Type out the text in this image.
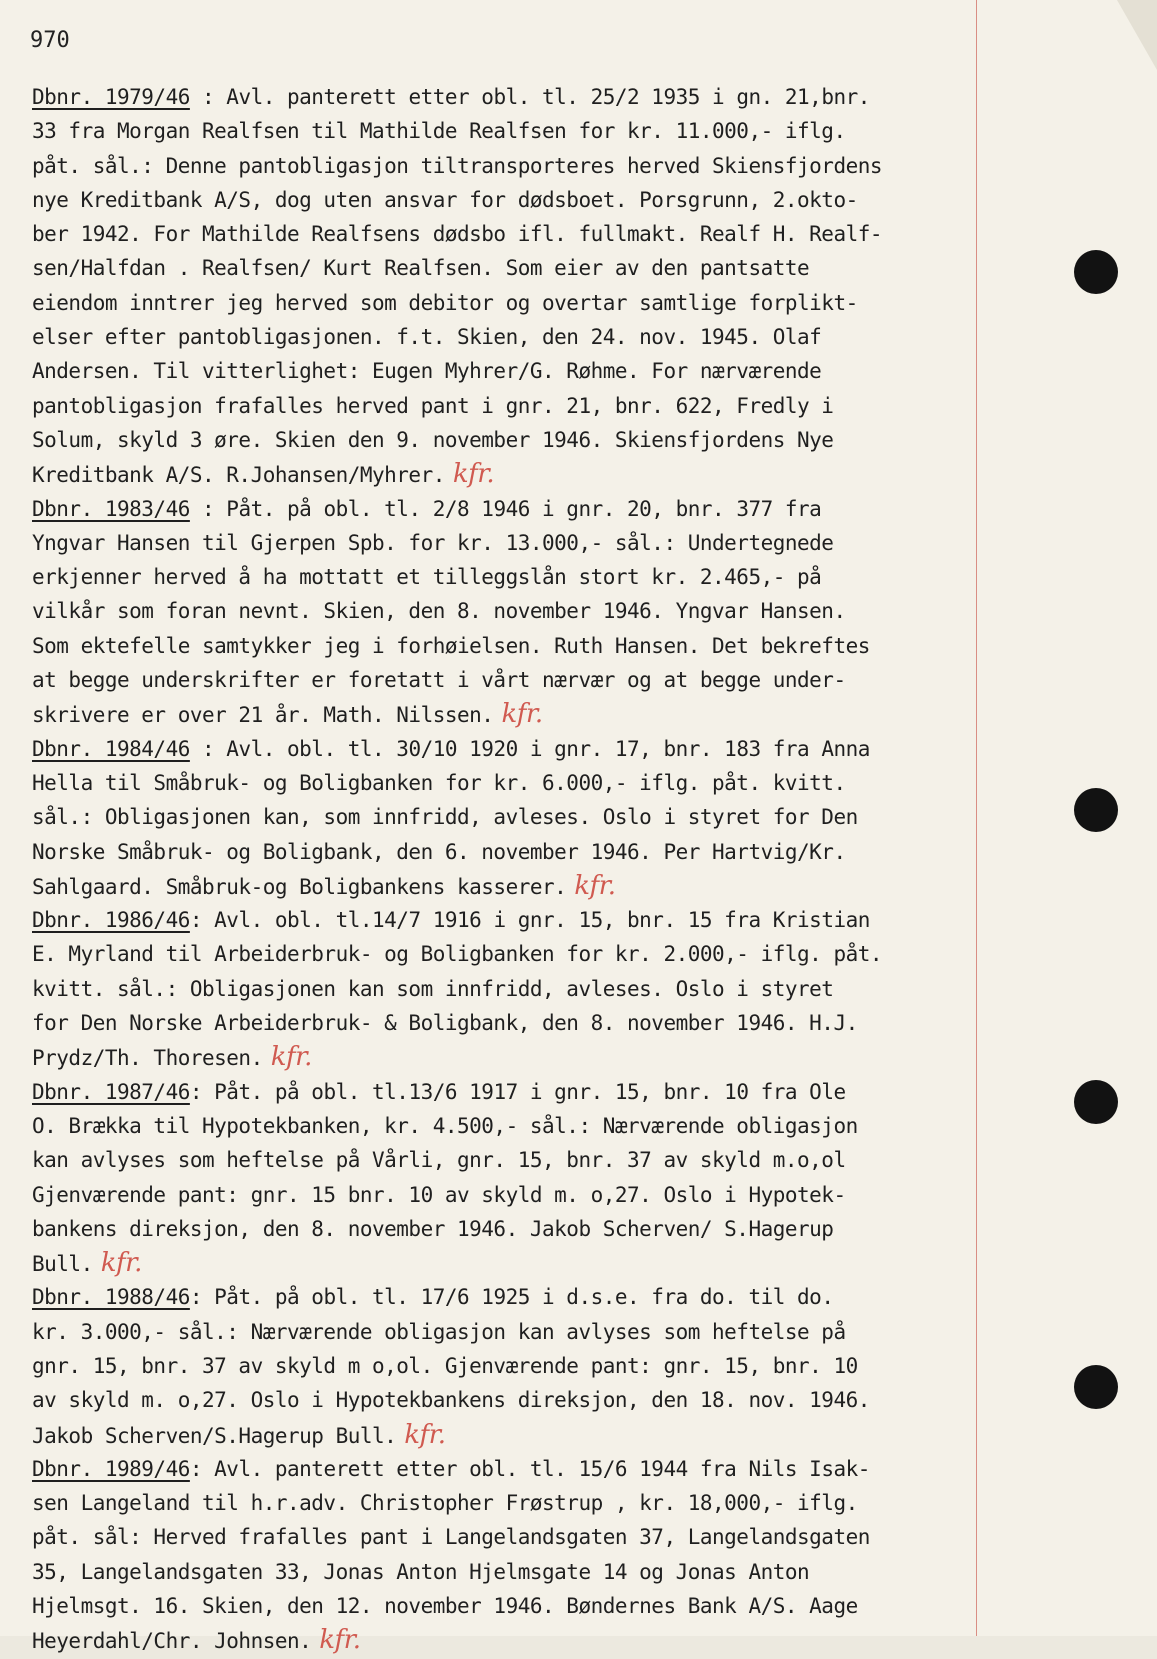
970
Dbnr. 1979/46 : Avl. panterett etter obl. tl. 25/2 1935 i gn. 21,bnr.
33 fra Morgan Realfsen til Mathilde Realfsen for kr. 11.000,- iflg.
påt. sål.: Denne pantobligasjon tiltransporteres herved Skiensfjordens
nye Kreditbank A/S, dog uten ansvar for dødsboet. Porsgrunn, 2.okto-
ber 1942. For Mathilde Realfsens dødsbo ifl. fullmakt. Realf H. Realf-
sen/Halfdan . Realfsen/ Kurt Realfsen. Som eier av den pantsatte
eiendom inntrer jeg herved som debitor og overtar samtlige forplikt-
elser efter pantobligasjonen. f.t. Skien, den 24. nov. 1945. Olaf
Andersen. Til vitterlighet: Eugen Myhrer/G. Røhme. For nærværende
pantobligasjon frafalles herved pant i gnr. 21, bnr. 622, Fredly i
Solum, skyld 3 øre. Skien den 9. november 1946. Skiensfjordens Nye
Kreditbank A/S. R.Johansen/Myhrer. kfr.
Dbnr. 1983/46 : Påt. på obl. tl. 2/8 1946 i gnr. 20, bnr. 377 fra
Yngvar Hansen til Gjerpen Spb. for kr. 13.000,- sål.: Undertegnede
erkjenner herved å ha mottatt et tilleggslån stort kr. 2.465,- på
vilkår som foran nevnt. Skien, den 8. november 1946. Yngvar Hansen.
Som ektefelle samtykker jeg i forhøielsen. Ruth Hansen. Det bekreftes
at begge underskrifter er foretatt i vårt nærvær og at begge under-
skrivere er over 21 år. Math. Nilssen. kfr.
Dbnr. 1984/46 : Avl. obl. tl. 30/10 1920 i gnr. 17, bnr. 183 fra Anna
Hella til Småbruk- og Boligbanken for kr. 6.000,- iflg. påt. kvitt.
sål.: Obligasjonen kan, som innfridd, avleses. Oslo i styret for Den
Norske Småbruk- og Boligbank, den 6. november 1946. Per Hartvig/Kr.
Sahlgaard. Småbruk-og Boligbankens kasserer. kfr.
Dbnr. 1986/46: Avl. obl. tl.14/7 1916 i gnr. 15, bnr. 15 fra Kristian
E. Myrland til Arbeiderbruk- og Boligbanken for kr. 2.000,- iflg. påt.
kvitt. sål.: Obligasjonen kan som innfridd, avleses. Oslo i styret
for Den Norske Arbeiderbruk- & Boligbank, den 8. november 1946. H.J.
Prydz/Th. Thoresen. kfr.
Dbnr. 1987/46: Påt. på obl. tl.13/6 1917 i gnr. 15, bnr. 10 fra Ole
O. Brækka til Hypotekbanken, kr. 4.500,- sål.: Nærværende obligasjon
kan avlyses som heftelse på Vårli, gnr. 15, bnr. 37 av skyld m.o,ol
Gjenværende pant: gnr. 15 bnr. 10 av skyld m. o,27. Oslo i Hypotek-
bankens direksjon, den 8. november 1946. Jakob Scherven/ S.Hagerup
Bull. kfr.
Dbnr. 1988/46: Påt. på obl. tl. 17/6 1925 i d.s.e. fra do. til do.
kr. 3.000,- sål.: Nærværende obligasjon kan avlyses som heftelse på
gnr. 15, bnr. 37 av skyld m o,ol. Gjenværende pant: gnr. 15, bnr. 10
av skyld m. o,27. Oslo i Hypotekbankens direksjon, den 18. nov. 1946.
Jakob Scherven/S.Hagerup Bull. kfr.
Dbnr. 1989/46: Avl. panterett etter obl. tl. 15/6 1944 fra Nils Isak-
sen Langeland til h.r.adv. Christopher Frøstrup , kr. 18,000,- iflg.
påt. sål: Herved frafalles pant i Langelandsgaten 37, Langelandsgaten
35, Langelandsgaten 33, Jonas Anton Hjelmsgate 14 og Jonas Anton
Hjelmsgt. 16. Skien, den 12. november 1946. Bøndernes Bank A/S. Aage
Heyerdahl/Chr. Johnsen. kfr.
